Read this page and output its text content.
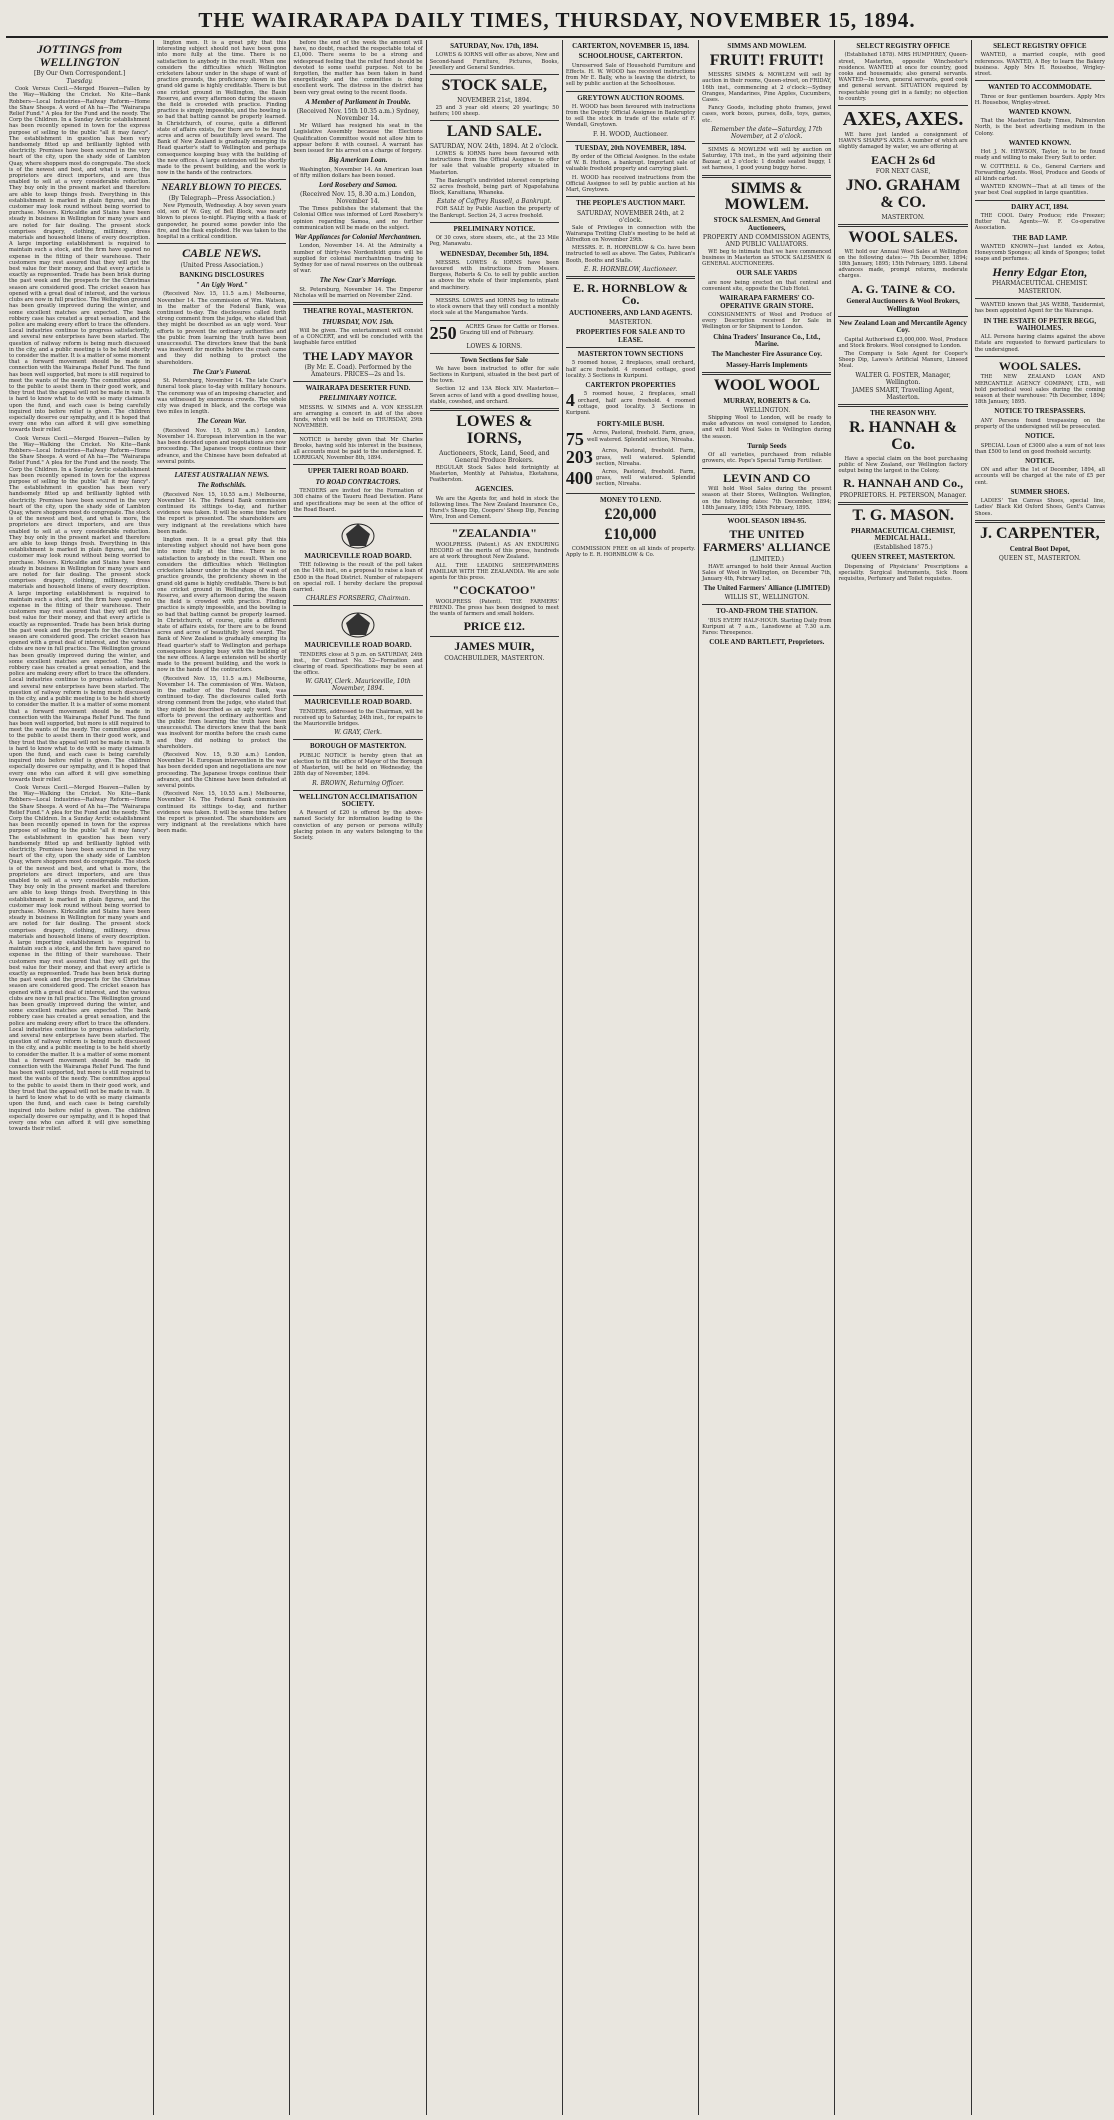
THE WAIRARAPA DAILY TIMES, THURSDAY, NOVEMBER 15, 1894.
JOTTINGS from WELLINGTON
[By Our Own Correspondent.]
Tuesday.

Cook Versus Cecil.—Merged Heaven—Fallen by the Way—Walking the Cricket. No Kite—Bank Robbers—Local Industries—Railway Reform—Home the Shaw Sheeps. A word of Ah ha—The "Wairarapa Relief Fund." A plea for the Fund and the needy. The Corp the Children. In a Sunday Arctic establishment has been recently opened in town for the express purpose of selling to the public "all it may fancy". The establishment in question has been very handsomely fitted up and brilliantly lighted with electricity. Premises have been secured in the very heart of the city, upon the shady side of Lambton Quay, where shoppers most do congregate. The stock is of the newest and best, and what is more, the proprietors are direct importers, and are thus enabled to sell at a very considerable reduction. They buy only in the present market and therefore are able to keep things fresh. Everything in this establishment is marked in plain figures, and the customer may look round without being worried to purchase. Messrs. Kirkcaldie and Stains have been steady in business in Wellington for many years and are noted for fair dealing. The present stock comprises drapery, clothing, millinery, dress materials and household linens of every description. A large importing establishment is required to maintain such a stock, and the firm have spared no expense in the fitting of their warehouse. Their customers may rest assured that they will get the best value for their money, and that every article is exactly as represented. Trade has been brisk during the past week and the prospects for the Christmas season are considered good. The cricket season has opened with a great deal of interest, and the various clubs are now in full practice. The Wellington ground has been greatly improved during the winter, and some excellent matches are expected. The bank robbery case has created a great sensation, and the police are making every effort to trace the offenders. Local industries continue to progress satisfactorily, and several new enterprises have been started. The question of railway reform is being much discussed in the city, and a public meeting is to be held shortly to consider the matter. It is a matter of some moment that a forward movement should be made in connection with the Wairarapa Relief Fund. The fund has been well supported, but more is still required to meet the wants of the needy. The committee appeal to the public to assist them in their good work, and they trust that the appeal will not be made in vain. It is hard to know what to do with so many claimants upon the fund, and each case is being carefully inquired into before relief is given. The children especially deserve our sympathy, and it is hoped that every one who can afford it will give something towards their relief.

Cook Versus Cecil.—Merged Heaven—Fallen by the Way—Walking the Cricket. No Kite—Bank Robbers—Local Industries—Railway Reform—Home the Shaw Sheeps. A word of Ah ha—The "Wairarapa Relief Fund." A plea for the Fund and the needy. The Corp the Children. In a Sunday Arctic establishment has been recently opened in town for the express purpose of selling to the public "all it may fancy". The establishment in question has been very handsomely fitted up and brilliantly lighted with electricity. Premises have been secured in the very heart of the city, upon the shady side of Lambton Quay, where shoppers most do congregate. The stock is of the newest and best, and what is more, the proprietors are direct importers, and are thus enabled to sell at a very considerable reduction. They buy only in the present market and therefore are able to keep things fresh. Everything in this establishment is marked in plain figures, and the customer may look round without being worried to purchase. Messrs. Kirkcaldie and Stains have been steady in business in Wellington for many years and are noted for fair dealing. The present stock comprises drapery, clothing, millinery, dress materials and household linens of every description. A large importing establishment is required to maintain such a stock, and the firm have spared no expense in the fitting of their warehouse. Their customers may rest assured that they will get the best value for their money, and that every article is exactly as represented. Trade has been brisk during the past week and the prospects for the Christmas season are considered good. The cricket season has opened with a great deal of interest, and the various clubs are now in full practice. The Wellington ground has been greatly improved during the winter, and some excellent matches are expected. The bank robbery case has created a great sensation, and the police are making every effort to trace the offenders. Local industries continue to progress satisfactorily, and several new enterprises have been started. The question of railway reform is being much discussed in the city, and a public meeting is to be held shortly to consider the matter. It is a matter of some moment that a forward movement should be made in connection with the Wairarapa Relief Fund. The fund has been well supported, but more is still required to meet the wants of the needy. The committee appeal to the public to assist them in their good work, and they trust that the appeal will not be made in vain. It is hard to know what to do with so many claimants upon the fund, and each case is being carefully inquired into before relief is given. The children especially deserve our sympathy, and it is hoped that every one who can afford it will give something towards their relief.

Cook Versus Cecil.—Merged Heaven—Fallen by the Way—Walking the Cricket. No Kite—Bank Robbers—Local Industries—Railway Reform—Home the Shaw Sheeps. A word of Ah ha—The "Wairarapa Relief Fund." A plea for the Fund and the needy. The Corp the Children. In a Sunday Arctic establishment has been recently opened in town for the express purpose of selling to the public "all it may fancy". The establishment in question has been very handsomely fitted up and brilliantly lighted with electricity. Premises have been secured in the very heart of the city, upon the shady side of Lambton Quay, where shoppers most do congregate. The stock is of the newest and best, and what is more, the proprietors are direct importers, and are thus enabled to sell at a very considerable reduction. They buy only in the present market and therefore are able to keep things fresh. Everything in this establishment is marked in plain figures, and the customer may look round without being worried to purchase. Messrs. Kirkcaldie and Stains have been steady in business in Wellington for many years and are noted for fair dealing. The present stock comprises drapery, clothing, millinery, dress materials and household linens of every description. A large importing establishment is required to maintain such a stock, and the firm have spared no expense in the fitting of their warehouse. Their customers may rest assured that they will get the best value for their money, and that every article is exactly as represented. Trade has been brisk during the past week and the prospects for the Christmas season are considered good. The cricket season has opened with a great deal of interest, and the various clubs are now in full practice. The Wellington ground has been greatly improved during the winter, and some excellent matches are expected. The bank robbery case has created a great sensation, and the police are making every effort to trace the offenders. Local industries continue to progress satisfactorily, and several new enterprises have been started. The question of railway reform is being much discussed in the city, and a public meeting is to be held shortly to consider the matter. It is a matter of some moment that a forward movement should be made in connection with the Wairarapa Relief Fund. The fund has been well supported, but more is still required to meet the wants of the needy. The committee appeal to the public to assist them in their good work, and they trust that the appeal will not be made in vain. It is hard to know what to do with so many claimants upon the fund, and each case is being carefully inquired into before relief is given. The children especially deserve our sympathy, and it is hoped that every one who can afford it will give something towards their relief.

lington men. It is a great pity that this interesting subject should not have been gone into more fully at the time. There is no satisfaction to anybody in the result. When one considers the difficulties which Wellington cricketers labour under in the shape of want of practice grounds, the proficiency shown in the grand old game is highly creditable. There is but one cricket ground in Wellington, the Basin Reserve, and every afternoon during the season the field is crowded with practice. Finding practice is simply impossible, and the bowling is so bad that batting cannot be properly learned. In Christchurch, of course, quite a different state of affairs exists, for there are to be found acres and acres of beautifully level sward. The Bank of New Zealand is gradually emerging its Head quarter's staff to Wellington and perhaps consequence keeping busy with the building of the new offices. A large extension will be shortly made to the present building, and the work is now in the hands of the contractors.

NEARLY BLOWN TO PIECES.
(By Telegraph—Press Association.)

New Plymouth, Wednesday. A boy seven years old, son of W. Guy, of Bell Block, was nearly blown to pieces to-night. Playing with a flask of gunpowder, he poured some powder into the fire, and the flask exploded. He was taken to the hospital in a critical condition.

CABLE NEWS.
(United Press Association.)
BANKING DISCLOSURES
" An Ugly Word."

(Received Nov. 15, 11.5 a.m.) Melbourne, November 14. The commission of Wm. Watson, in the matter of the Federal Bank, was continued to-day. The disclosures called forth strong comment from the judge, who stated that they might be described as an ugly word. Your efforts to prevent the ordinary authorities and the public from learning the truth have been unsuccessful. The directors knew that the bank was insolvent for months before the crash came and they did nothing to protect the shareholders.

The Czar's Funeral.

St. Petersburg, November 14. The late Czar's funeral took place to-day with military honours. The ceremony was of an imposing character, and was witnessed by enormous crowds. The whole city was draped in black, and the cortege was two miles in length.

The Corean War.

(Received Nov. 15, 9.30 a.m.) London, November 14. European intervention in the war has been decided upon and negotiations are now proceeding. The Japanese troops continue their advance, and the Chinese have been defeated at several points.

LATEST AUSTRALIAN NEWS.
The Rothschilds.

(Received Nov. 15, 10.55 a.m.) Melbourne, November 14. The Federal Bank commission continued its sittings to-day, and further evidence was taken. It will be some time before the report is presented. The shareholders are very indignant at the revelations which have been made.

lington men. It is a great pity that this interesting subject should not have been gone into more fully at the time. There is no satisfaction to anybody in the result. When one considers the difficulties which Wellington cricketers labour under in the shape of want of practice grounds, the proficiency shown in the grand old game is highly creditable. There is but one cricket ground in Wellington, the Basin Reserve, and every afternoon during the season the field is crowded with practice. Finding practice is simply impossible, and the bowling is so bad that batting cannot be properly learned. In Christchurch, of course, quite a different state of affairs exists, for there are to be found acres and acres of beautifully level sward. The Bank of New Zealand is gradually emerging its Head quarter's staff to Wellington and perhaps consequence keeping busy with the building of the new offices. A large extension will be shortly made to the present building, and the work is now in the hands of the contractors.

(Received Nov. 15, 11.5 a.m.) Melbourne, November 14. The commission of Wm. Watson, in the matter of the Federal Bank, was continued to-day. The disclosures called forth strong comment from the judge, who stated that they might be described as an ugly word. Your efforts to prevent the ordinary authorities and the public from learning the truth have been unsuccessful. The directors knew that the bank was insolvent for months before the crash came and they did nothing to protect the shareholders.

(Received Nov. 15, 9.30 a.m.) London, November 14. European intervention in the war has been decided upon and negotiations are now proceeding. The Japanese troops continue their advance, and the Chinese have been defeated at several points.

(Received Nov. 15, 10.55 a.m.) Melbourne, November 14. The Federal Bank commission continued its sittings to-day, and further evidence was taken. It will be some time before the report is presented. The shareholders are very indignant at the revelations which have been made.

before the end of the week the amount will have, no doubt, reached the respectable total of £1,000. There seems to be a strong and widespread feeling that the relief fund should be devoted to some useful purpose. Not to be forgotten, the matter has been taken in hand energetically and the committee is doing excellent work. The distress in the district has been very great owing to the recent floods.

A Member of Parliament in Trouble.
(Received Nov. 15th 10.35 a.m.) Sydney, November 14.

Mr Willard has resigned his seat in the Legislative Assembly because the Elections Qualification Committee would not allow him to appear before it with counsel. A warrant has been issued for his arrest on a charge of forgery.

Big American Loan.

Washington, November 14. An American loan of fifty million dollars has been issued.

Lord Rosebery and Samoa.
(Received Nov. 15, 8.30 a.m.) London, November 14.

The Times publishes the statement that the Colonial Office was informed of Lord Rosebery's opinion regarding Samoa, and no further communication will be made on the subject.

War Appliances for Colonial Merchantmen.

London, November 14. At the Admiralty a number of thirty-two Nordenfeldt guns will be supplied for colonial merchantmen trading to Sydney for use of naval reserves on the outbreak of war.

The New Czar's Marriage.

St. Petersburg, November 14. The Emperor Nicholas will be married on November 22nd.

THEATRE ROYAL, MASTERTON.
THURSDAY, NOV. 15th.

Will be given. The entertainment will consist of a CONCERT, and will be concluded with the laughable farce entitled

THE LADY MAYOR
(By Mr. E. Coad). Performed by the Amateurs. PRICES—2s and 1s.
WAIRARAPA DESERTER FUND.
PRELIMINARY NOTICE.

MESSRS. W. SIMMS and A. VON KESSLER are arranging a concert in aid of the above funds, which will be held on THURSDAY, 29th NOVEMBER.

NOTICE is hereby given that Mr Charles Brooks, having sold his interest in the business, all accounts must be paid to the undersigned. E. LORRIGAN, November 8th, 1894.

UPPER TAIERI ROAD BOARD.
TO ROAD CONTRACTORS.

TENDERS are invited for the Formation of 308 chains of the Taueru Road Deviation. Plans and specifications may be seen at the office of the Road Board.

MAURICEVILLE ROAD BOARD.

THE following is the result of the poll taken on the 14th inst., on a proposal to raise a loan of £500 in the Road District. Number of ratepayers on special roll. I hereby declare the proposal carried.

CHARLES FORSBERG, Chairman.
MAURICEVILLE ROAD BOARD.

TENDERS close at 5 p.m. on SATURDAY, 24th inst., for Contract No. 52—Formation and clearing of road. Specifications may be seen at the office.

W. GRAY, Clerk. Mauriceville, 10th November, 1894.
MAURICEVILLE ROAD BOARD.

TENDERS, addressed to the Chairman, will be received up to Saturday, 24th inst., for repairs to the Mauriceville bridges.

W. GRAY, Clerk.
BOROUGH OF MASTERTON.

PUBLIC NOTICE is hereby given that an election to fill the office of Mayor of the Borough of Masterton, will be held on Wednesday, the 28th day of November, 1894.

R. BROWN, Returning Officer.
WELLINGTON ACCLIMATISATION SOCIETY.

A Reward of £20 is offered by the above-named Society for information leading to the conviction of any person or persons wilfully placing poison in any waters belonging to the Society.

SATURDAY, Nov. 17th, 1894.

LOWES & IORNS will offer as above, New and Second-hand Furniture, Pictures, Books, Jewellery and General Sundries.

STOCK SALE,
NOVEMBER 21st, 1894.

25 and 3 year old steers; 20 yearlings; 50 heifers; 100 sheep.

LAND SALE.
SATURDAY, NOV. 24th, 1894. At 2 o'clock.

LOWES & IORNS have been favoured with instructions from the Official Assignee to offer for sale that valuable property situated in Masterton.

The Bankrupt's undivided interest comprising 52 acres freehold, being part of Ngapotahuna Block, Karaitiana, Whaneka.

Estate of Caffrey Russell, a Bankrupt.

FOR SALE by Public Auction the property of the Bankrupt. Section 24, 3 acres freehold.

PRELIMINARY NOTICE.

Of 30 cows, store steers, etc., at the 23 Mile Peg, Manawatu.

WEDNESDAY, December 5th, 1894.

MESSRS. LOWES & IORNS have been favoured with instructions from Messrs. Burgess, Roberts & Co. to sell by public auction as above the whole of their implements, plant and machinery.

MESSRS. LOWES and IORNS beg to intimate to stock owners that they will conduct a monthly stock sale at the Mangamahoe Yards.

250	ACRES Grass for Cattle or Horses. Grazing till end of February.

LOWES & IORNS.
Town Sections for Sale

We have been instructed to offer for sale Sections in Kuripuni, situated in the best part of the town.

Section 12 and 13A Block XIV. Masterton—Seven acres of land with a good dwelling house, stable, cowshed, and orchard.

LOWES & IORNS,
Auctioneers, Stock, Land, Seed, and General Produce Brokers.

REGULAR Stock Sales held fortnightly at Masterton, Monthly at Pahiatua, Eketahuna, Featherston.

AGENCIES.

We are the Agents for, and hold in stock the following lines. The New Zealand Insurance Co., Hurst's Sheep Dip, Coopers' Sheep Dip, Fencing Wire, Iron and Cement.

"ZEALANDIA"

WOOLPRESS. (Patent.) AS AN ENDURING RECORD of the merits of this press, hundreds are at work throughout New Zealand.

ALL THE LEADING SHEEPFARMERS FAMILIAR WITH THE ZEALANDIA. We are sole agents for this press.

"COCKATOO"

WOOLPRESS (Patent). THE FARMERS' FRIEND. The press has been designed to meet the wants of farmers and small holders.

PRICE £12.
JAMES MUIR,
COACHBUILDER, MASTERTON.
CARTERTON, NOVEMBER 15, 1894.
SCHOOLHOUSE, CARTERTON.

Unreserved Sale of Household Furniture and Effects. H. W. WOOD has received instructions from Mr E. Baily, who is leaving the district, to sell by public auction at the Schoolhouse.

GREYTOWN AUCTION ROOMS.

H. WOOD has been favoured with instructions from the Deputy Official Assignee in Bankruptcy to sell the stock in trade of the estate of F. Wendall, Greytown.

F. H. WOOD, Auctioneer.
TUESDAY, 20th NOVEMBER, 1894.

By order of the Official Assignee. In the estate of W. B. Hutton, a bankrupt. Important sale of valuable freehold property and carrying plant.

H. WOOD has received instructions from the Official Assignee to sell by public auction at his Mart, Greytown.

THE PEOPLE'S AUCTION MART.
SATURDAY, NOVEMBER 24th, at 2 o'clock.

Sale of Privileges in connection with the Wairarapa Trotting Club's meeting to be held at Alfredton on November 29th.

MESSRS. E. R. HORNBLOW & Co. have been instructed to sell as above. The Gates, Publican's Booth, Booths and Stalls.

E. R. HORNBLOW, Auctioneer.
E. R. HORNBLOW & Co.
AUCTIONEERS, AND LAND AGENTS.
MASTERTON.
PROPERTIES FOR SALE AND TO LEASE.
MASTERTON TOWN SECTIONS

5 roomed house, 2 fireplaces, small orchard, half acre freehold. 4 roomed cottage, good locality. 3 Sections in Kuripuni.

CARTERTON PROPERTIES
4	5 roomed house, 2 fireplaces, small orchard, half acre freehold. 4 roomed cottage, good locality. 3 Sections in Kuripuni.

FORTY-MILE BUSH.
75	Acres, Pastoral, freehold. Farm, grass, well watered. Splendid section, Nireaha.

203	Acres, Pastoral, freehold. Farm, grass, well watered. Splendid section, Nireaha.

400	Acres, Pastoral, freehold. Farm, grass, well watered. Splendid section, Nireaha.

MONEY TO LEND.
£20,000
£10,000

COMMISSION FREE on all kinds of property. Apply to E. R. HORNBLOW & Co.

SIMMS AND MOWLEM.
FRUIT! FRUIT!

MESSRS SIMMS & MOWLEM will sell by auction in their rooms, Queen-street, on FRIDAY, 16th inst., commencing at 2 o'clock:—Sydney Oranges, Mandarines, Pine Apples, Cucumbers, Cases.

Fancy Goods, including photo frames, jewel cases, work boxes, purses, dolls, toys, games, etc.

Remember the date—Saturday, 17th November, at 2 o'clock.

SIMMS & MOWLEM will sell by auction on Saturday, 17th inst., in the yard adjoining their Bazaar, at 2 o'clock: 1 double seated buggy, 1 set harness, 1 good young buggy horse.

SIMMS & MOWLEM.
STOCK SALESMEN, And General Auctioneers,
PROPERTY AND COMMISSION AGENTS, AND PUBLIC VALUATORS.

WE beg to intimate that we have commenced business in Masterton as STOCK SALESMEN & GENERAL AUCTIONEERS.

OUR SALE YARDS

are now being erected on that central and convenient site, opposite the Club Hotel.

WAIRARAPA FARMERS' CO-OPERATIVE GRAIN STORE.

CONSIGNMENTS of Wool and Produce of every Description received for Sale in Wellington or for Shipment to London.

China Traders' Insurance Co., Ltd., Marine.
The Manchester Fire Assurance Coy.
Massey-Harris Implements
WOOL WOOL
MURRAY, ROBERTS & Co.
WELLINGTON.

Shipping Wool to London, will be ready to make advances on wool consigned to London, and will hold Wool Sales in Wellington during the season.

Turnip Seeds

Of all varieties, purchased from reliable growers, etc. Pope's Special Turnip Fertiliser.

LEVIN AND CO

Will hold Wool Sales during the present season at their Stores, Wellington. Wellington, on the following dates: 7th December, 1894; 18th January, 1895; 15th February, 1895.

WOOL SEASON 1894-95.
THE UNITED FARMERS' ALLIANCE
(LIMITED.)

HAVE arranged to hold their Annual Auction Sales of Wool in Wellington, on December 7th, January 4th, February 1st.

The United Farmers' Alliance (LIMITED)
WILLIS ST., WELLINGTON.
TO-AND-FROM THE STATION.

'BUS EVERY HALF-HOUR. Starting Daily from Kuripuni at 7 a.m., Lansdowne at 7.30 a.m. Fares: Threepence.

COLE AND BARTLETT, Proprietors.
SELECT REGISTRY OFFICE

(Established 1878). MRS HUMPHREY, Queen-street, Masterton, opposite Winchester's residence. WANTED at once for country, good cooks and housemaids; also general servants. WANTED—In town, general servants, good cook and general servant. SITUATION required by respectable young girl in a family; no objection to country.

AXES, AXES.

WE have just landed a consignment of HAWN'S SHARP'S AXES. A number of which are slightly damaged by water, we are offering at

EACH 2s 6d
FOR NEXT CASE,
JNO. GRAHAM & CO.
MASTERTON.
WOOL SALES.

WE hold our Annual Wool Sales at Wellington on the following dates:— 7th December, 1894; 18th January, 1895; 15th February, 1895. Liberal advances made, prompt returns, moderate charges.

A. G. TAINE & CO.
General Auctioneers & Wool Brokers, Wellington
New Zealand Loan and Mercantile Agency Coy.

Capital Authorised £3,000,000. Wool, Produce and Stock Brokers. Wool consigned to London.

The Company is Sole Agent for Cooper's Sheep Dip, Lawes's Artificial Manure, Linseed Meal.

WALTER G. FOSTER, Manager, Wellington.
JAMES SMART, Travelling Agent, Masterton.
THE REASON WHY.
R. HANNAH & Co.

Have a special claim on the boot purchasing public of New Zealand, our Wellington factory output being the largest in the Colony.

R. HANNAH AND Co.,
PROPRIETORS. H. PETERSON, Manager.
T. G. MASON.
PHARMACEUTICAL CHEMIST, MEDICAL HALL.
(Established 1875.)
QUEEN STREET, MASTERTON.

Dispensing of Physicians' Prescriptions a speciality. Surgical Instruments, Sick Room requisites, Perfumery and Toilet requisites.

SELECT REGISTRY OFFICE

WANTED, a married couple, with good references. WANTED, A Boy to learn the Bakery business. Apply Mrs H. Rouseboe, Wrigley-street.

WANTED TO ACCOMMODATE.

Three or four gentlemen boarders. Apply Mrs H. Rouseboe, Wrigley-street.

WANTED KNOWN.

That the Masterton Daily Times, Palmerston North, is the best advertising medium in the Colony.

WANTED KNOWN.

Hot J. N. HEWSON, Taylor, is to be found ready and willing to make Every Suit to order.

W. COTTRELL & Co., General Carriers and Forwarding Agents. Wool, Produce and Goods of all kinds carted.

WANTED KNOWN—That at all times of the year best Coal supplied in large quantities.

DAIRY ACT, 1894.

THE COOL Dairy Produce; ride Freezer; Butter Fat. Agents—W. F. Co-operative Association.

THE BAD LAMP.

WANTED KNOWN—Just landed ex Aotea, Honeycomb Sponges; all kinds of Sponges; toilet soaps and perfumes.

Henry Edgar Eton,
PHARMACEUTICAL CHEMIST.
MASTERTON.

WANTED known that JAS WEBB, Taxidermist, has been appointed Agent for the Wairarapa.

IN THE ESTATE OF PETER BEGG, WAIHOLMES.

ALL Persons having claims against the above Estate are requested to forward particulars to the undersigned.

WOOL SALES.

THE NEW ZEALAND LOAN AND MERCANTILE AGENCY COMPANY, LTD., will hold periodical wool sales during the coming season at their warehouse: 7th December, 1894; 18th January, 1895.

NOTICE TO TRESPASSERS.

ANY Persons found trespassing on the property of the undersigned will be prosecuted.

NOTICE.

SPECIAL Loan of £3000 also a sum of not less than £500 to lend on good freehold security.

NOTICE.

ON and after the 1st of December, 1894, all accounts will be charged at the rate of £5 per cent.

SUMMER SHOES.

LADIES' Tan Canvas Shoes, special line, Ladies' Black Kid Oxford Shoes, Gent's Canvas Shoes.

J. CARPENTER,
Central Boot Depot,
QUEEN ST., MASTERTON.
